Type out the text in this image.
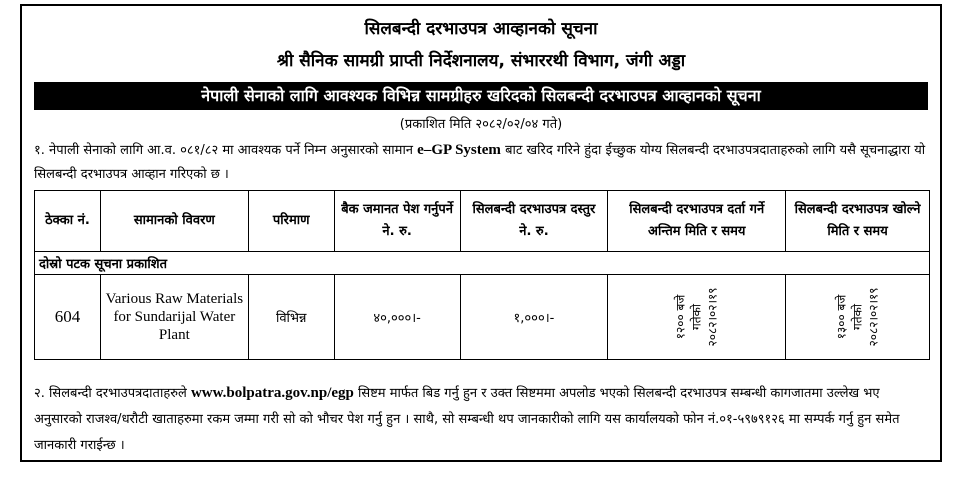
सिलबन्दी दरभाउपत्र आव्हानको सूचना
श्री सैनिक सामग्री प्राप्ती निर्देशनालय, संभाररथी विभाग, जंगी अड्डा
नेपाली सेनाको लागि आवश्यक विभिन्न सामग्रीहरु खरिदको सिलबन्दी दरभाउपत्र आव्हानको सूचना
(प्रकाशित मिति २०८२/०२/०४ गते)
१. नेपाली सेनाको लागि आ.व. ०८१/८२ मा आवश्यक पर्ने निम्न अनुसारको सामान e–GP System बाट खरिद गरिने हुंदा ईच्छुक योग्य सिलबन्दी दरभाउपत्रदाताहरुको लागि यसै सूचनाद्धारा यो सिलबन्दी दरभाउपत्र आव्हान गरिएको छ ।
ठेक्का नं.	सामानको विवरण	परिमाण	बैक जमानत पेश गर्नुपर्ने ने. रु.	सिलबन्दी दरभाउपत्र दस्तुर ने. रु.	सिलबन्दी दरभाउपत्र दर्ता गर्ने अन्तिम मिति र समय	सिलबन्दी दरभाउपत्र खोल्ने मिति र समय
दोस्रो पटक सूचना प्रकाशित						
604	Various Raw Materials for Sundarijal Water Plant	विभिन्न	४०,०००।-	१,०००।-	१२०० बजे गतेको २०८२।०२।१९	१३०० बजे गतेको २०८२।०२।१९
२. सिलबन्दी दरभाउपत्रदाताहरुले www.bolpatra.gov.np/egp सिष्टम मार्फत बिड गर्नु हुन र उक्त सिष्टममा अपलोड भएको सिलबन्दी दरभाउपत्र सम्बन्धी कागजातमा उल्लेख भए अनुसारको राजश्व/धरौटी खाताहरुमा रकम जम्मा गरी सो को भौचर पेश गर्नु हुन । साथै, सो सम्बन्धी थप जानकारीको लागि यस कार्यालयको फोन नं.०१-५९७९१२६ मा सम्पर्क गर्नु हुन समेत जानकारी गराईन्छ ।
